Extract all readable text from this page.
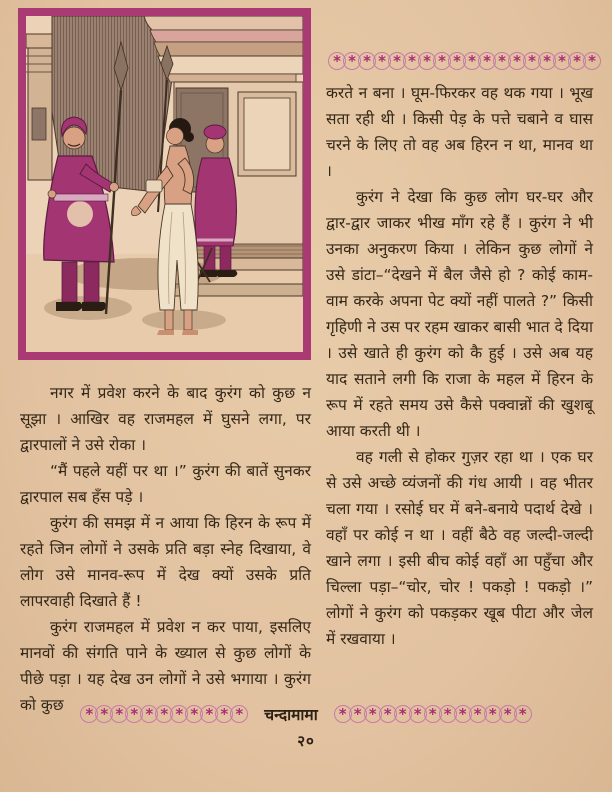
* * * * * * * * * * * * * * * * * *

करते न बना । घूम-फिरकर वह थक गया । भूख सता रही थी । किसी पेड़ के पत्ते चबाने व घास चरने के लिए तो वह अब हिरन न था, मानव था ।

कुरंग ने देखा कि कुछ लोग घर-घर और द्वार-द्वार जाकर भीख माँग रहे हैं । कुरंग ने भी उनका अनुकरण किया । लेकिन कुछ लोगों ने उसे डांटा–“देखने में बैल जैसे हो ? कोई काम-वाम करके अपना पेट क्यों नहीं पालते ?” किसी गृहिणी ने उस पर रहम खाकर बासी भात दे दिया । उसे खाते ही कुरंग को कै हुई । उसे अब यह याद सताने लगी कि राजा के महल में हिरन के रूप में रहते समय उसे कैसे पक्वान्नों की खुशबू आया करती थी ।

वह गली से होकर गुज़र रहा था । एक घर से उसे अच्छे व्यंजनों की गंध आयी । वह भीतर चला गया । रसोई घर में बने-बनाये पदार्थ देखे । वहाँ पर कोई न था । वहीं बैठे वह जल्दी-जल्दी खाने लगा । इसी बीच कोई वहाँ आ पहुँचा और चिल्ला पड़ा–“चोर, चोर ! पकड़ो ! पकड़ो ।” लोगों ने कुरंग को पकड़कर खूब पीटा और जेल में रखवाया ।

नगर में प्रवेश करने के बाद कुरंग को कुछ न सूझा । आखिर वह राजमहल में घुसने लगा, पर द्वारपालों ने उसे रोका ।

“मैं पहले यहीं पर था ।” कुरंग की बातें सुनकर द्वारपाल सब हँस पड़े ।

कुरंग की समझ में न आया कि हिरन के रूप में रहते जिन लोगों ने उसके प्रति बड़ा स्नेह दिखाया, वे लोग उसे मानव-रूप में देख क्यों उसके प्रति लापरवाही दिखाते हैं !

कुरंग राजमहल में प्रवेश न कर पाया, इसलिए मानवों की संगति पाने के ख्याल से कुछ लोगों के पीछे पड़ा । यह देख उन लोगों ने उसे भगाया । कुरंग को कुछ	* * * * * * * * * * *	चन्दामामा	* * * * * * * * * * * * *
२०
